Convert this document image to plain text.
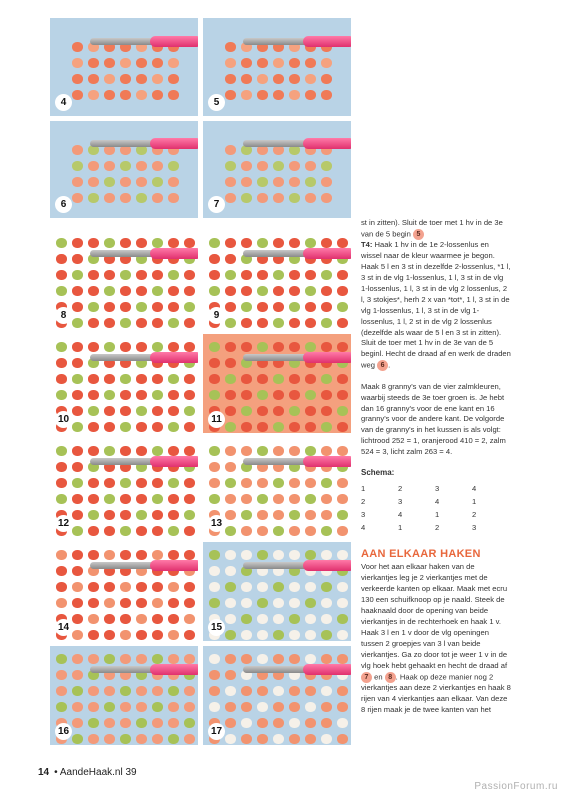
4	5
6	7
8	9
10	11
12	13
14	15
16	17

st in zitten). Sluit de toer met 1 hv in de 3e van de 5 begin 5
T4: Haak 1 hv in de 1e 2-lossenlus en wissel naar de kleur waarmee je begon. Haak 5 l en 3 st in dezelfde 2-lossenlus, *1 l, 3 st in de vlg 1-lossenlus, 1 l, 3 st in de vlg 1-lossenlus, 1 l, 3 st in de vlg 2 lossenlus, 2 l, 3 stokjes*, herh 2 x van *tot*, 1 l, 3 st in de vlg 1-lossenlus, 1 l, 3 st in de vlg 1-lossenlus, 1 l, 2 st in de vlg 2 lossenlus (dezelfde als waar de 5 l en 3 st in zitten). Sluit de toer met 1 hv in de 3e van de 5 beginl. Hecht de draad af en werk de draden weg 6 .

Maak 8 granny's van de vier zalmkleuren, waarbij steeds de 3e toer groen is. Je hebt dan 16 granny's voor de ene kant en 16 granny's voor de andere kant. De volgorde van de granny's in het kussen is als volgt: lichtrood 252 = 1, oranjerood 410 = 2, zalm 524 = 3, licht zalm 263 = 4.

Schema:
1	2	3	4
2	3	4	1
3	4	1	2
4	1	2	3
AAN ELKAAR HAKEN

Voor het aan elkaar haken van de vierkantjes leg je 2 vierkantjes met de verkeerde kanten op elkaar. Maak met ecru 130 een schuifknoop op je naald. Steek de haaknaald door de opening van beide vierkantjes in de rechterhoek en haak 1 v. Haak 3 l en 1 v door de vlg openingen tussen 2 groepjes van 3 l van beide vierkantjes. Ga zo door tot je weer 1 v in de vlg hoek hebt gehaakt en hecht de draad af 7 en 8 . Haak op deze manier nog 2 vierkantjes aan deze 2 vierkantjes en haak 8 rijen van 4 vierkantjes aan elkaar. Van deze 8 rijen maak je de twee kanten van het

14 • AandeHaak.nl 39
PassionForum.ru
